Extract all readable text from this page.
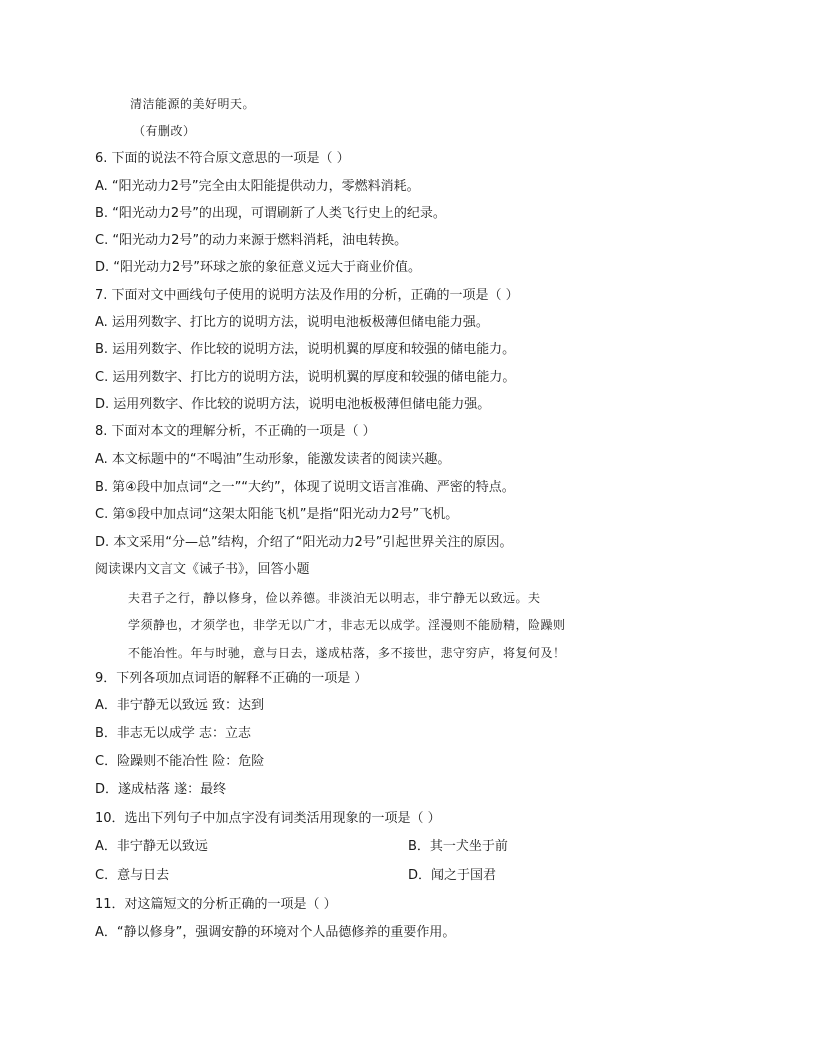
清洁能源的美好明天。
（有删改）
6. 下面的说法不符合原文意思的一项是（ ）
A. “阳光动力2号”完全由太阳能提供动力，零燃料消耗。
B. “阳光动力2号”的出现，可谓刷新了人类飞行史上的纪录。
C. “阳光动力2号”的动力来源于燃料消耗，油电转换。
D. “阳光动力2号”环球之旅的象征意义远大于商业价值。
7. 下面对文中画线句子使用的说明方法及作用的分析，正确的一项是（ ）
A. 运用列数字、打比方的说明方法，说明电池板极薄但储电能力强。
B. 运用列数字、作比较的说明方法，说明机翼的厚度和较强的储电能力。
C. 运用列数字、打比方的说明方法，说明机翼的厚度和较强的储电能力。
D. 运用列数字、作比较的说明方法，说明电池板极薄但储电能力强。
8. 下面对本文的理解分析，不正确的一项是（ ）
A. 本文标题中的“不喝油”生动形象，能激发读者的阅读兴趣。
B. 第④段中加点词“之一”“大约”，体现了说明文语言准确、严密的特点。
C. 第⑤段中加点词“这架太阳能飞机”是指“阳光动力2号”飞机。
D. 本文采用“分—总”结构，介绍了“阳光动力2号”引起世界关注的原因。
阅读课内文言文《诫子书》，回答小题
夫君子之行，静以修身，俭以养德。非淡泊无以明志，非宁静无以致远。夫
学须静也，才须学也，非学无以广才，非志无以成学。淫漫则不能励精，险躁则
不能冶性。年与时驰，意与日去，遂成枯落，多不接世，悲守穷庐，将复何及！
9．下列各项加点词语的解释不正确的一项是 ）
A．非宁静无以致远 致：达到
B．非志无以成学 志：立志
C．险躁则不能冶性 险：危险
D．遂成枯落 遂：最终
10．选出下列句子中加点字没有词类活用现象的一项是（ ）
A．非宁静无以致远	B．其一犬坐于前
C．意与日去	D．闻之于国君
11．对这篇短文的分析正确的一项是（ ）
A．“静以修身”，强调安静的环境对个人品德修养的重要作用。
